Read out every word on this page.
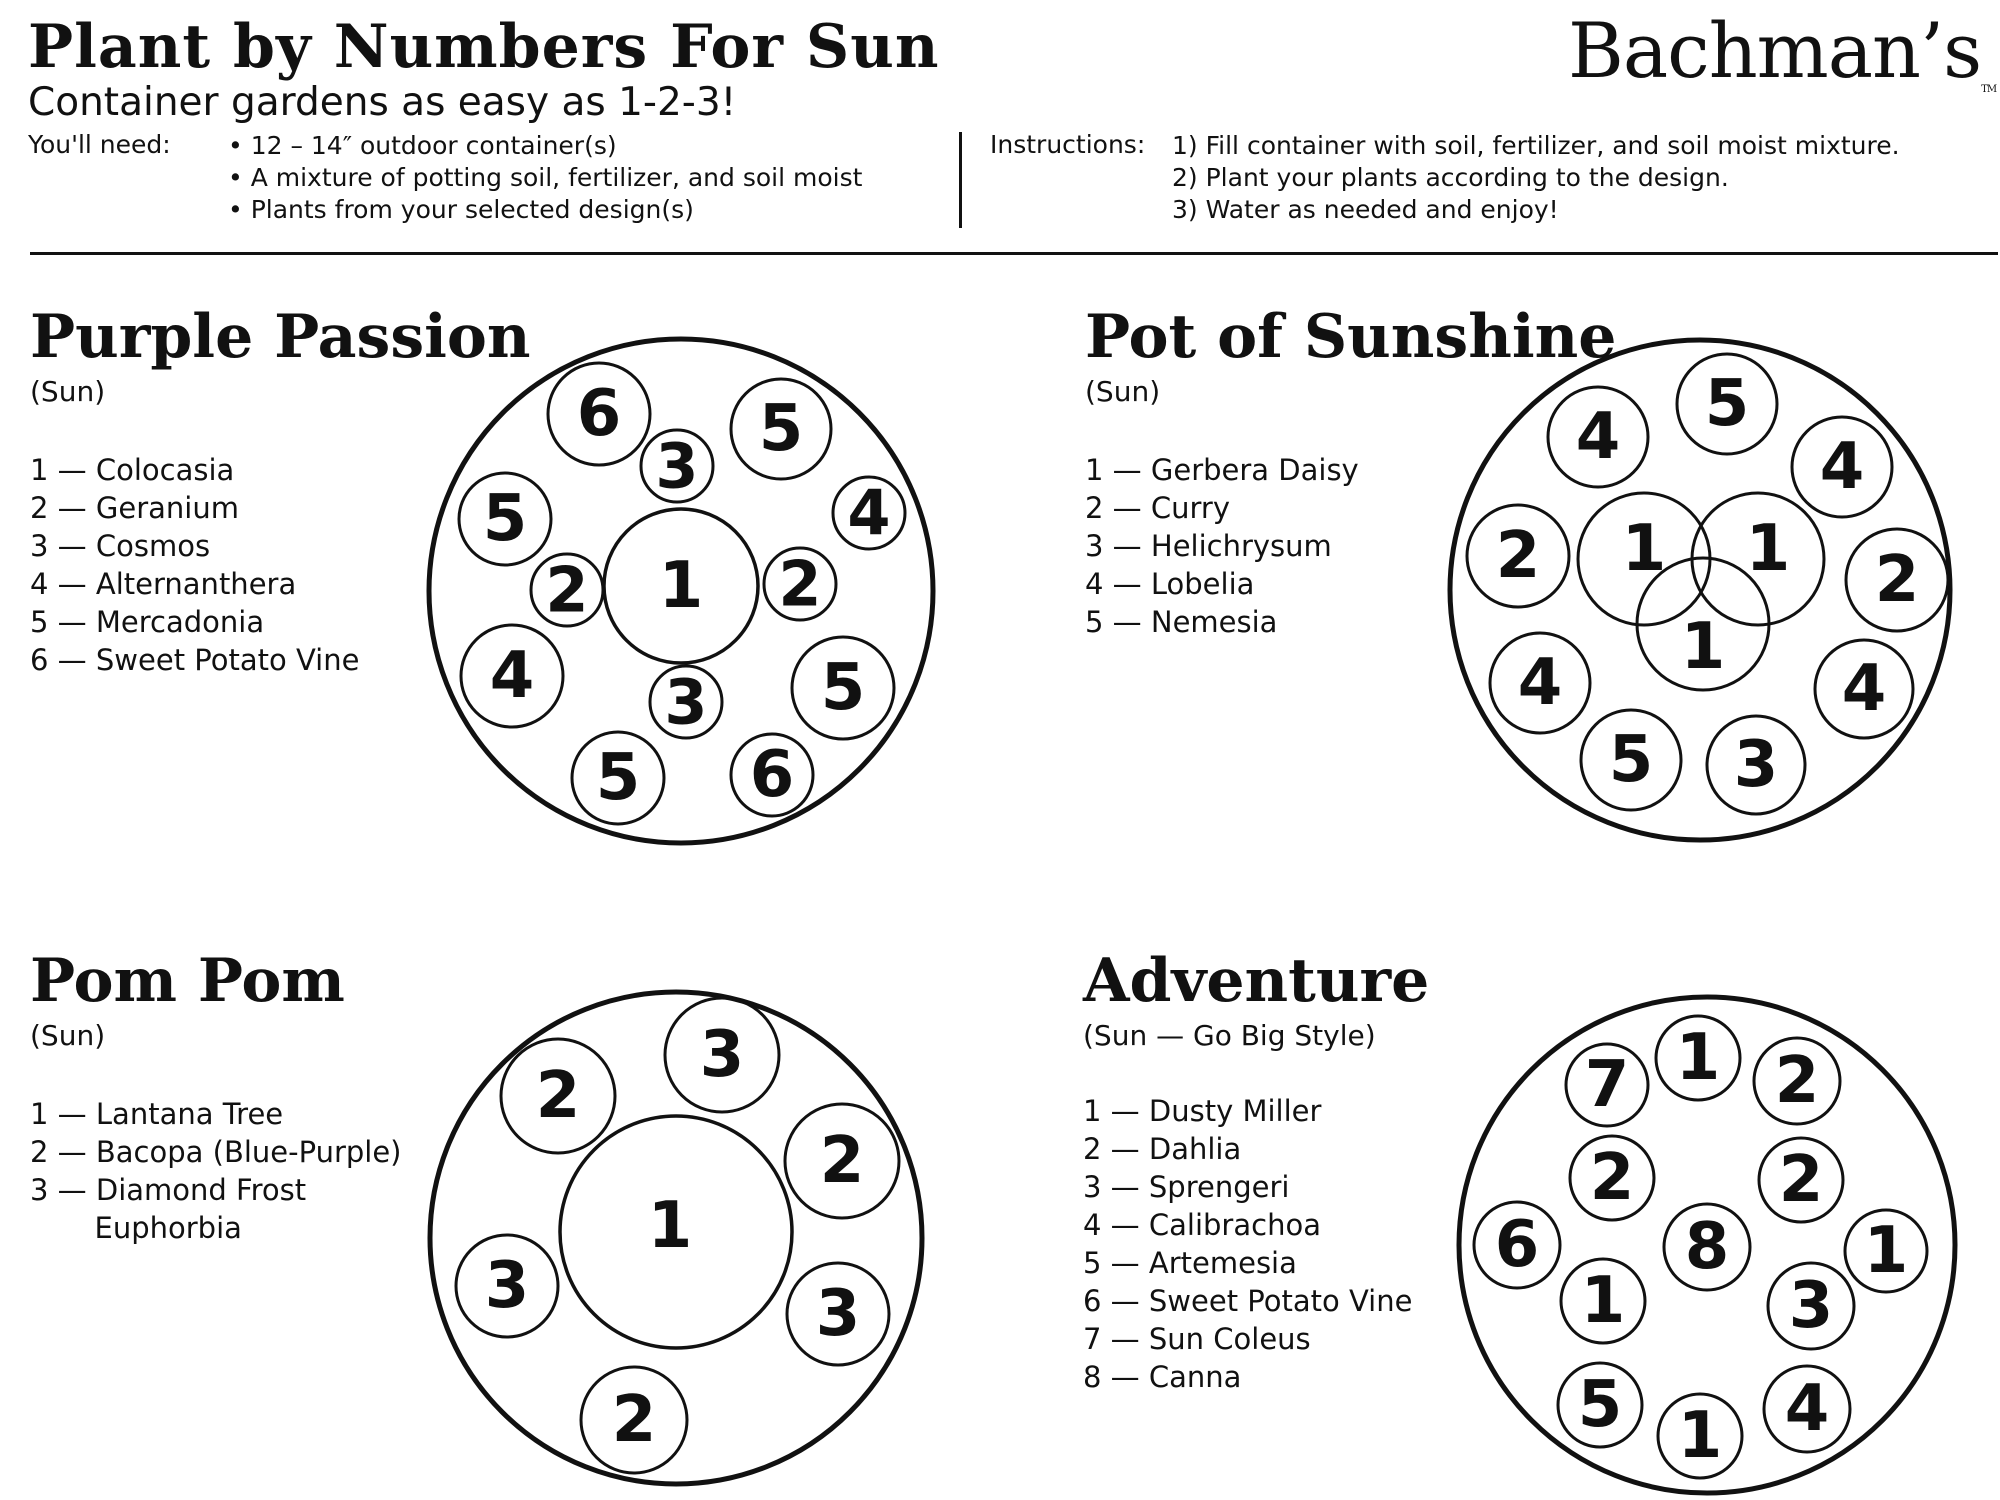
Plant by Numbers For Sun
Container gardens as easy as 1-2-3!
Bachman’sTM
You'll need: • 12 – 14″ outdoor container(s)
• A mixture of potting soil, fertilizer, and soil moist
• Plants from your selected design(s)
Instructions: 1) Fill container with soil, fertilizer, and soil moist mixture.
2) Plant your plants according to the design.
3) Water as needed and enjoy!
Purple Passion
(Sun)
1 — Colocasia
2 — Geranium
3 — Cosmos
4 — Alternanthera
5 — Mercadonia
6 — Sweet Potato Vine
1
6 5
3
5	4
2	2
4 3 5
5 6
Pot of Sunshine
(Sun)
1 — Gerbera Daisy
2 — Curry
3 — Helichrysum
4 — Lobelia
5 — Nemesia
5
4	4
1 1
1
2	2
4	4
5 3
Pom Pom
(Sun)
1 — Lantana Tree
2 — Bacopa (Blue-Purple)
3 — Diamond Frost
Euphorbia	1
3
2
2
3	3
2
Adventure
(Sun — Go Big Style)
1 — Dusty Miller
2 — Dahlia
3 — Sprengeri
4 — Calibrachoa
5 — Artemesia
6 — Sweet Potato Vine
7 — Sun Coleus
8 — Canna
1
7 2
2 2
6 8
1
1
3
5 1 4
